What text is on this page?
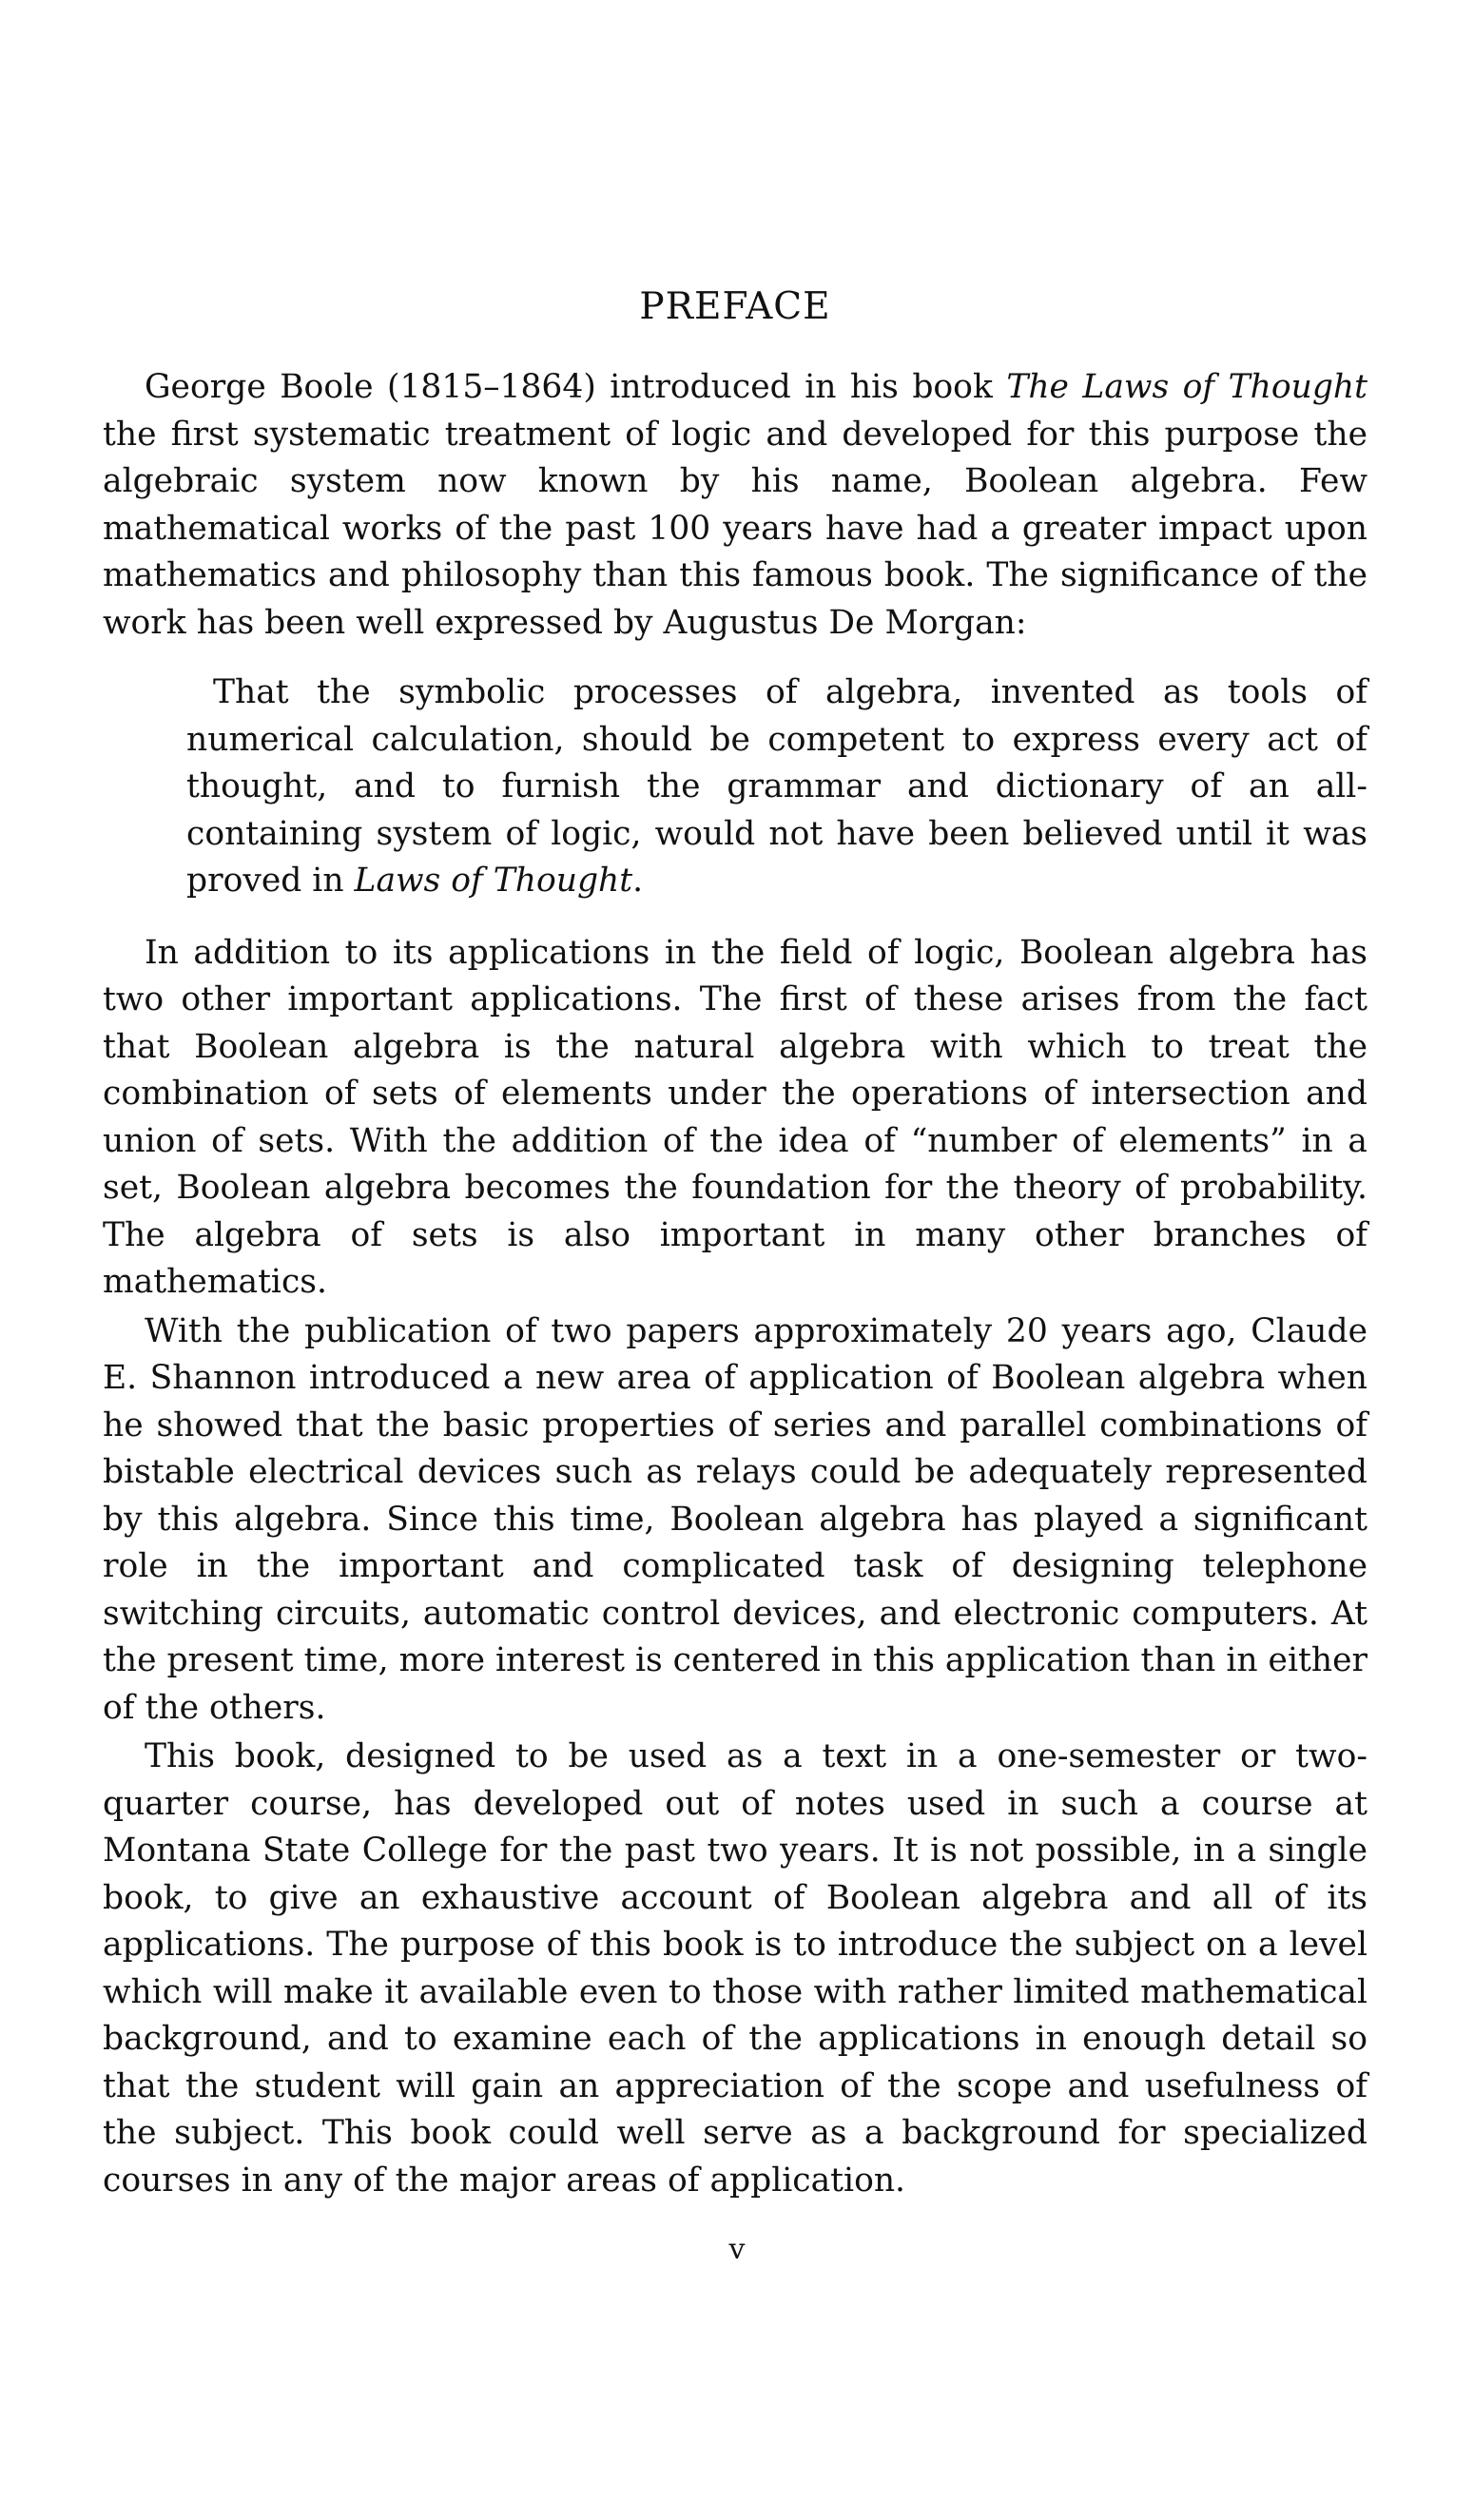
PREFACE

George Boole (1815–1864) introduced in his book The Laws of Thought the first systematic treatment of logic and developed for this purpose the algebraic system now known by his name, Boolean algebra. Few mathematical works of the past 100 years have had a greater impact upon mathematics and philosophy than this famous book. The significance of the work has been well expressed by Augustus De Morgan:

That the symbolic processes of algebra, invented as tools of numerical calculation, should be competent to express every act of thought, and to furnish the grammar and dictionary of an all-containing system of logic, would not have been believed until it was proved in Laws of Thought.

In addition to its applications in the field of logic, Boolean algebra has two other important applications. The first of these arises from the fact that Boolean algebra is the natural algebra with which to treat the combination of sets of elements under the operations of intersection and union of sets. With the addition of the idea of “number of elements” in a set, Boolean algebra becomes the foundation for the theory of probability. The algebra of sets is also important in many other branches of mathematics.

With the publication of two papers approximately 20 years ago, Claude E. Shannon introduced a new area of application of Boolean algebra when he showed that the basic properties of series and parallel combinations of bistable electrical devices such as relays could be adequately represented by this algebra. Since this time, Boolean algebra has played a significant role in the important and complicated task of designing telephone switching circuits, automatic control devices, and electronic computers. At the present time, more interest is centered in this application than in either of the others.

This book, designed to be used as a text in a one-semester or two-quarter course, has developed out of notes used in such a course at Montana State College for the past two years. It is not possible, in a single book, to give an exhaustive account of Boolean algebra and all of its applications. The purpose of this book is to introduce the subject on a level which will make it available even to those with rather limited mathematical background, and to examine each of the applications in enough detail so that the student will gain an appreciation of the scope and usefulness of the subject. This book could well serve as a background for specialized courses in any of the major areas of application.

v
